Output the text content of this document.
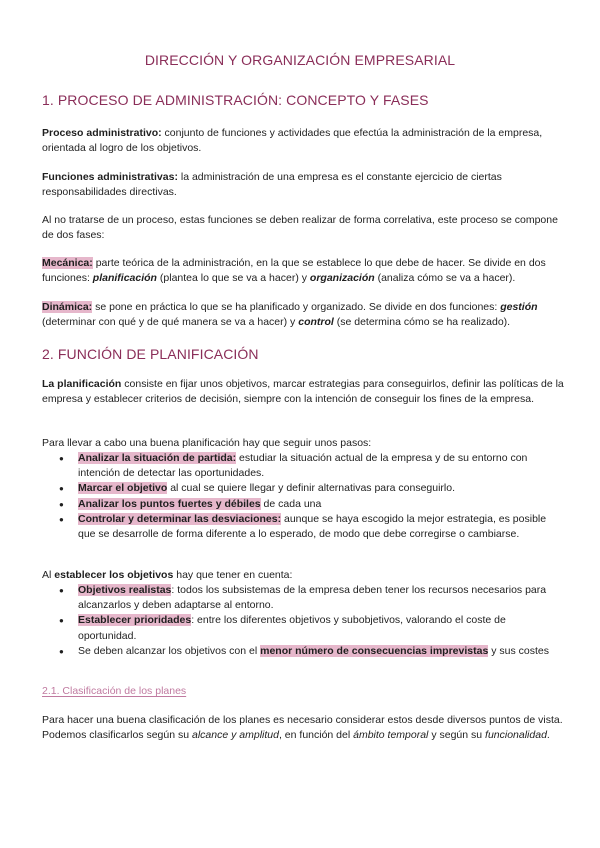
DIRECCIÓN Y ORGANIZACIÓN EMPRESARIAL
1. PROCESO DE ADMINISTRACIÓN: CONCEPTO Y FASES

Proceso administrativo: conjunto de funciones y actividades que efectúa la administración de la empresa, orientada al logro de los objetivos.

Funciones administrativas: la administración de una empresa es el constante ejercicio de ciertas responsabilidades directivas.

Al no tratarse de un proceso, estas funciones se deben realizar de forma correlativa, este proceso se compone de dos fases:

Mecánica: parte teórica de la administración, en la que se establece lo que debe de hacer. Se divide en dos funciones: planificación (plantea lo que se va a hacer) y organización (analiza cómo se va a hacer).

Dinámica: se pone en práctica lo que se ha planificado y organizado. Se divide en dos funciones: gestión (determinar con qué y de qué manera se va a hacer) y control (se determina cómo se ha realizado).

2. FUNCIÓN DE PLANIFICACIÓN

La planificación consiste en fijar unos objetivos, marcar estrategias para conseguirlos, definir las políticas de la empresa y establecer criterios de decisión, siempre con la intención de conseguir los fines de la empresa.

Para llevar a cabo una buena planificación hay que seguir unos pasos:

● Analizar la situación de partida: estudiar la situación actual de la empresa y de su entorno con intención de detectar las oportunidades.
● Marcar el objetivo al cual se quiere llegar y definir alternativas para conseguirlo.
● Analizar los puntos fuertes y débiles de cada una
● Controlar y determinar las desviaciones: aunque se haya escogido la mejor estrategia, es posible que se desarrolle de forma diferente a lo esperado, de modo que debe corregirse o cambiarse.

Al establecer los objetivos hay que tener en cuenta:

● Objetivos realistas: todos los subsistemas de la empresa deben tener los recursos necesarios para alcanzarlos y deben adaptarse al entorno.
● Establecer prioridades: entre los diferentes objetivos y subobjetivos, valorando el coste de oportunidad.
● Se deben alcanzar los objetivos con el menor número de consecuencias imprevistas y sus costes
2.1. Clasificación de los planes

Para hacer una buena clasificación de los planes es necesario considerar estos desde diversos puntos de vista. Podemos clasificarlos según su alcance y amplitud, en función del ámbito temporal y según su funcionalidad.
